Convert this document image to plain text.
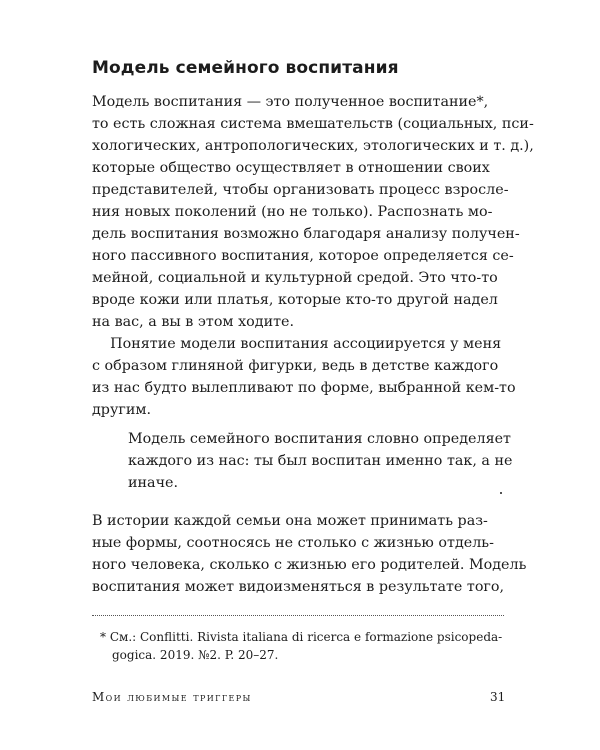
Модель семейного воспитания
Модель воспитания — это полученное воспитание*,
то есть сложная система вмешательств (социальных, пси-
хологических, антропологических, этологических и т. д.),
которые общество осуществляет в отношении своих
представителей, чтобы организовать процесс взросле-
ния новых поколений (но не только). Распознать мо-
дель воспитания возможно благодаря анализу получен-
ного пассивного воспитания, которое определяется се-
мейной, социальной и культурной средой. Это что-то
вроде кожи или платья, которые кто-то другой надел
на вас, а вы в этом ходите.
Понятие модели воспитания ассоциируется у меня
с образом глиняной фигурки, ведь в детстве каждого
из нас будто вылепливают по форме, выбранной кем-то
другим.
Модель семейного воспитания словно определяет
каждого из нас: ты был воспитан именно так, а не
иначе.
В истории каждой семьи она может принимать раз-
ные формы, соотносясь не столько с жизнью отдель-
ного человека, сколько с жизнью его родителей. Модель
воспитания может видоизменяться в результате того,
* См.: Conflitti. Rivista italiana di ricerca e formazione psicopeda-
gogica. 2019. №2. P. 20–27.
Мои любимые триггеры	31
